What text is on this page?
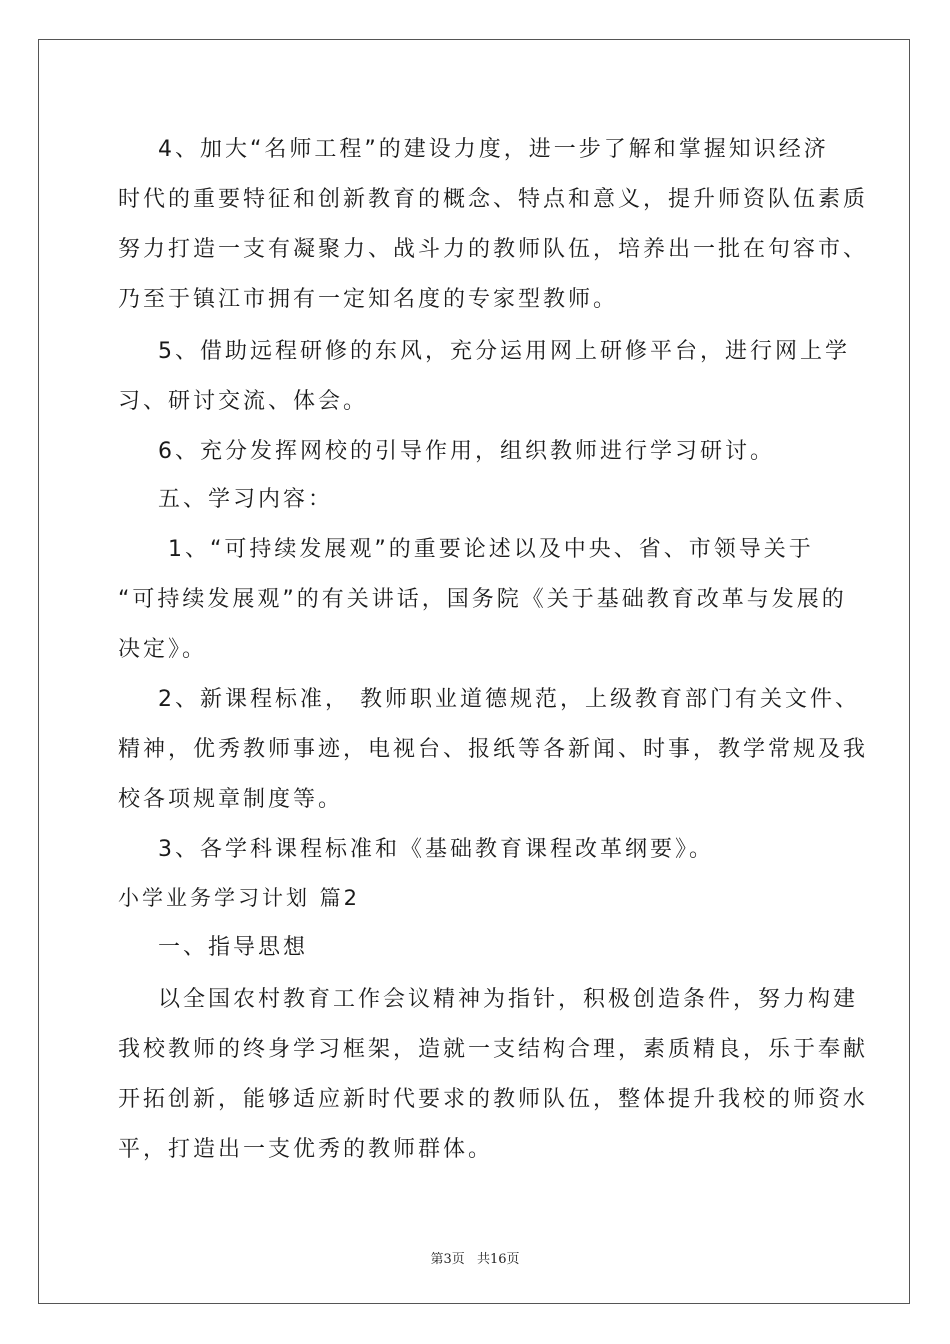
4、加大“名师工程”的建设力度，进一步了解和掌握知识经济
时代的重要特征和创新教育的概念、特点和意义，提升师资队伍素质
努力打造一支有凝聚力、战斗力的教师队伍，培养出一批在句容市、
乃至于镇江市拥有一定知名度的专家型教师。
5、借助远程研修的东风，充分运用网上研修平台，进行网上学
习、研讨交流、体会。
6、充分发挥网校的引导作用，组织教师进行学习研讨。
五、学习内容：
1、“可持续发展观”的重要论述以及中央、省、市领导关于
“可持续发展观”的有关讲话，国务院《关于基础教育改革与发展的
决定》。
2、新课程标准， 教师职业道德规范，上级教育部门有关文件、
精神，优秀教师事迹，电视台、报纸等各新闻、时事，教学常规及我
校各项规章制度等。
3、各学科课程标准和《基础教育课程改革纲要》。
小学业务学习计划 篇2
一、指导思想
以全国农村教育工作会议精神为指针，积极创造条件，努力构建
我校教师的终身学习框架，造就一支结构合理，素质精良，乐于奉献
开拓创新，能够适应新时代要求的教师队伍，整体提升我校的师资水
平，打造出一支优秀的教师群体。
第3页 共16页
